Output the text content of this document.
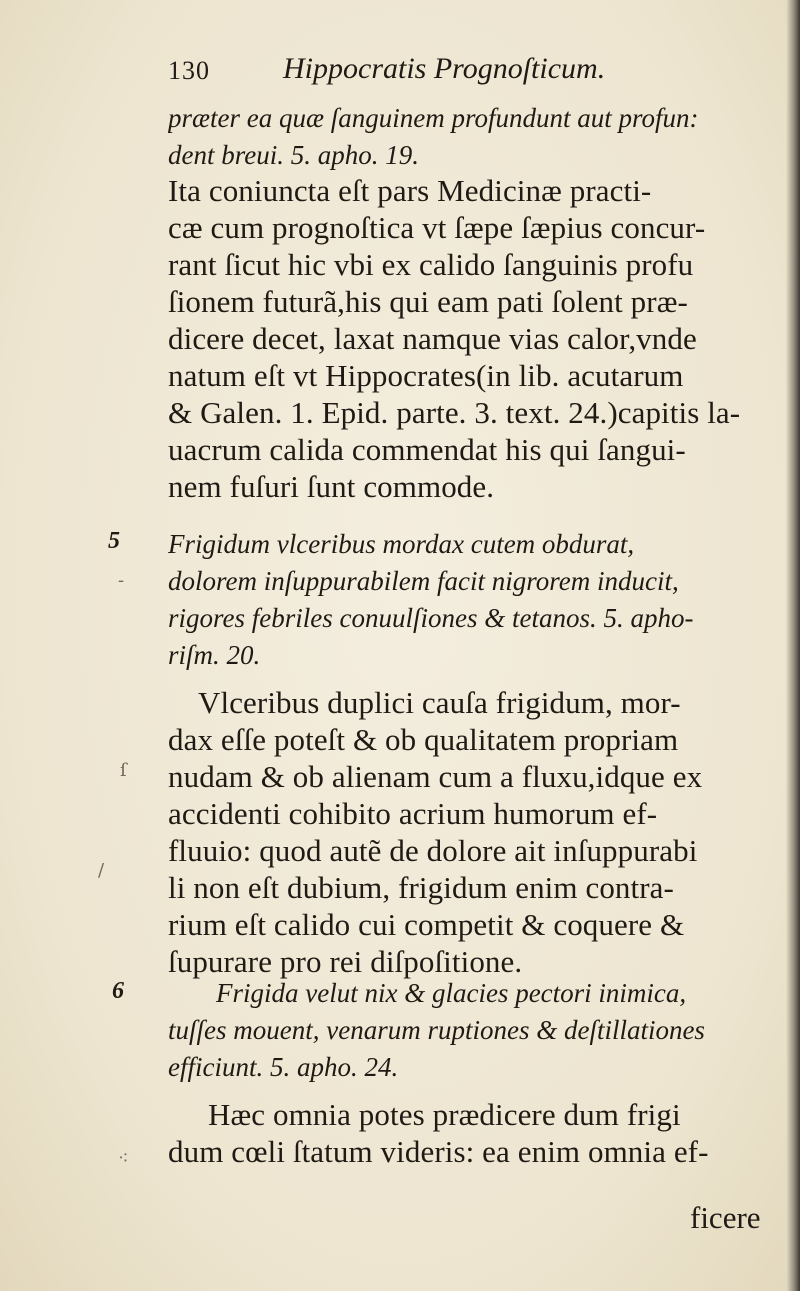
130 Hippocratis Prognoſticum.
prӕter ea quӕ ſanguinem profundunt aut profun:
dent breui. 5. apho. 19.
Ita coniuncta eſt pars Medicinӕ practi-
cӕ cum prognoſtica vt ſӕpe ſӕpius concur-
rant ſicut hic vbi ex calido ſanguinis profu
ſionem futurã,his qui eam pati ſolent prӕ-
dicere decet, laxat namque vias calor,vnde
natum eſt vt Hippocrates(in lib. acutarum
& Galen. 1. Epid. parte. 3. text. 24.)capitis la-
uacrum calida commendat his qui ſangui-
nem fuſuri ſunt commode.
5
-
Frigidum vlceribus mordax cutem obdurat,
dolorem inſuppurabilem facit nigrorem inducit,
rigores febriles conuulſiones & tetanos. 5. apho-
riſm. 20.
Vlceribus duplici cauſa frigidum, mor-
dax eſſe poteſt & ob qualitatem propriam
nudam & ob alienam cum a fluxu,idque ex
accidenti cohibito acrium humorum ef-
fluuio: quod autẽ de dolore ait inſuppurabi
li non eſt dubium, frigidum enim contra-
rium eſt calido cui competit & coquere &
ſupurare pro rei diſpoſitione.
ſ
/
6	Frigida velut nix & glacies pectori inimica,
tuſſes mouent, venarum ruptiones & deſtillationes
efficiunt. 5. apho. 24.
Hӕc omnia potes prӕdicere dum frigi
dum cœli ſtatum videris: ea enim omnia ef-
⁖
ficere
